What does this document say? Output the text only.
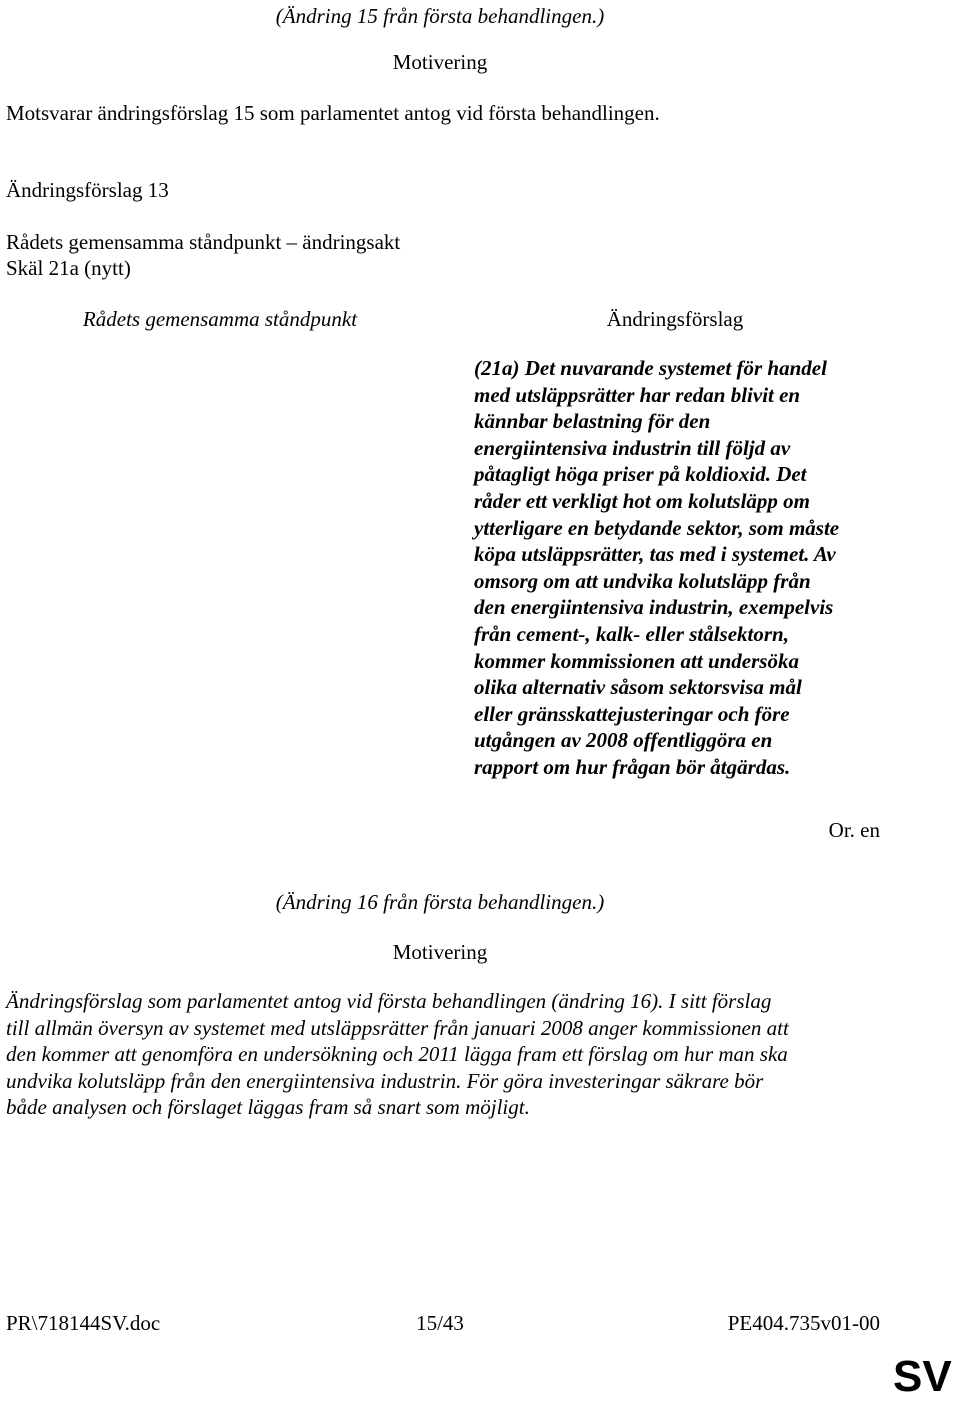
(Ändring 15 från första behandlingen.)
Motivering
Motsvarar ändringsförslag 15 som parlamentet antog vid första behandlingen.
Ändringsförslag 13
Rådets gemensamma ståndpunkt – ändringsakt
Skäl 21a (nytt)
Rådets gemensamma ståndpunkt	Ändringsförslag
(21a) Det nuvarande systemet för handel
med utsläppsrätter har redan blivit en
kännbar belastning för den
energiintensiva industrin till följd av
påtagligt höga priser på koldioxid. Det
råder ett verkligt hot om kolutsläpp om
ytterligare en betydande sektor, som måste
köpa utsläppsrätter, tas med i systemet. Av
omsorg om att undvika kolutsläpp från
den energiintensiva industrin, exempelvis
från cement-, kalk- eller stålsektorn,
kommer kommissionen att undersöka
olika alternativ såsom sektorsvisa mål
eller gränsskattejusteringar och före
utgången av 2008 offentliggöra en
rapport om hur frågan bör åtgärdas.
Or. en
(Ändring 16 från första behandlingen.)
Motivering
Ändringsförslag som parlamentet antog vid första behandlingen (ändring 16). I sitt förslag
till allmän översyn av systemet med utsläppsrätter från januari 2008 anger kommissionen att
den kommer att genomföra en undersökning och 2011 lägga fram ett förslag om hur man ska
undvika kolutsläpp från den energiintensiva industrin. För göra investeringar säkrare bör
både analysen och förslaget läggas fram så snart som möjligt.
PR\718144SV.doc	15/43	PE404.735v01-00
SV
